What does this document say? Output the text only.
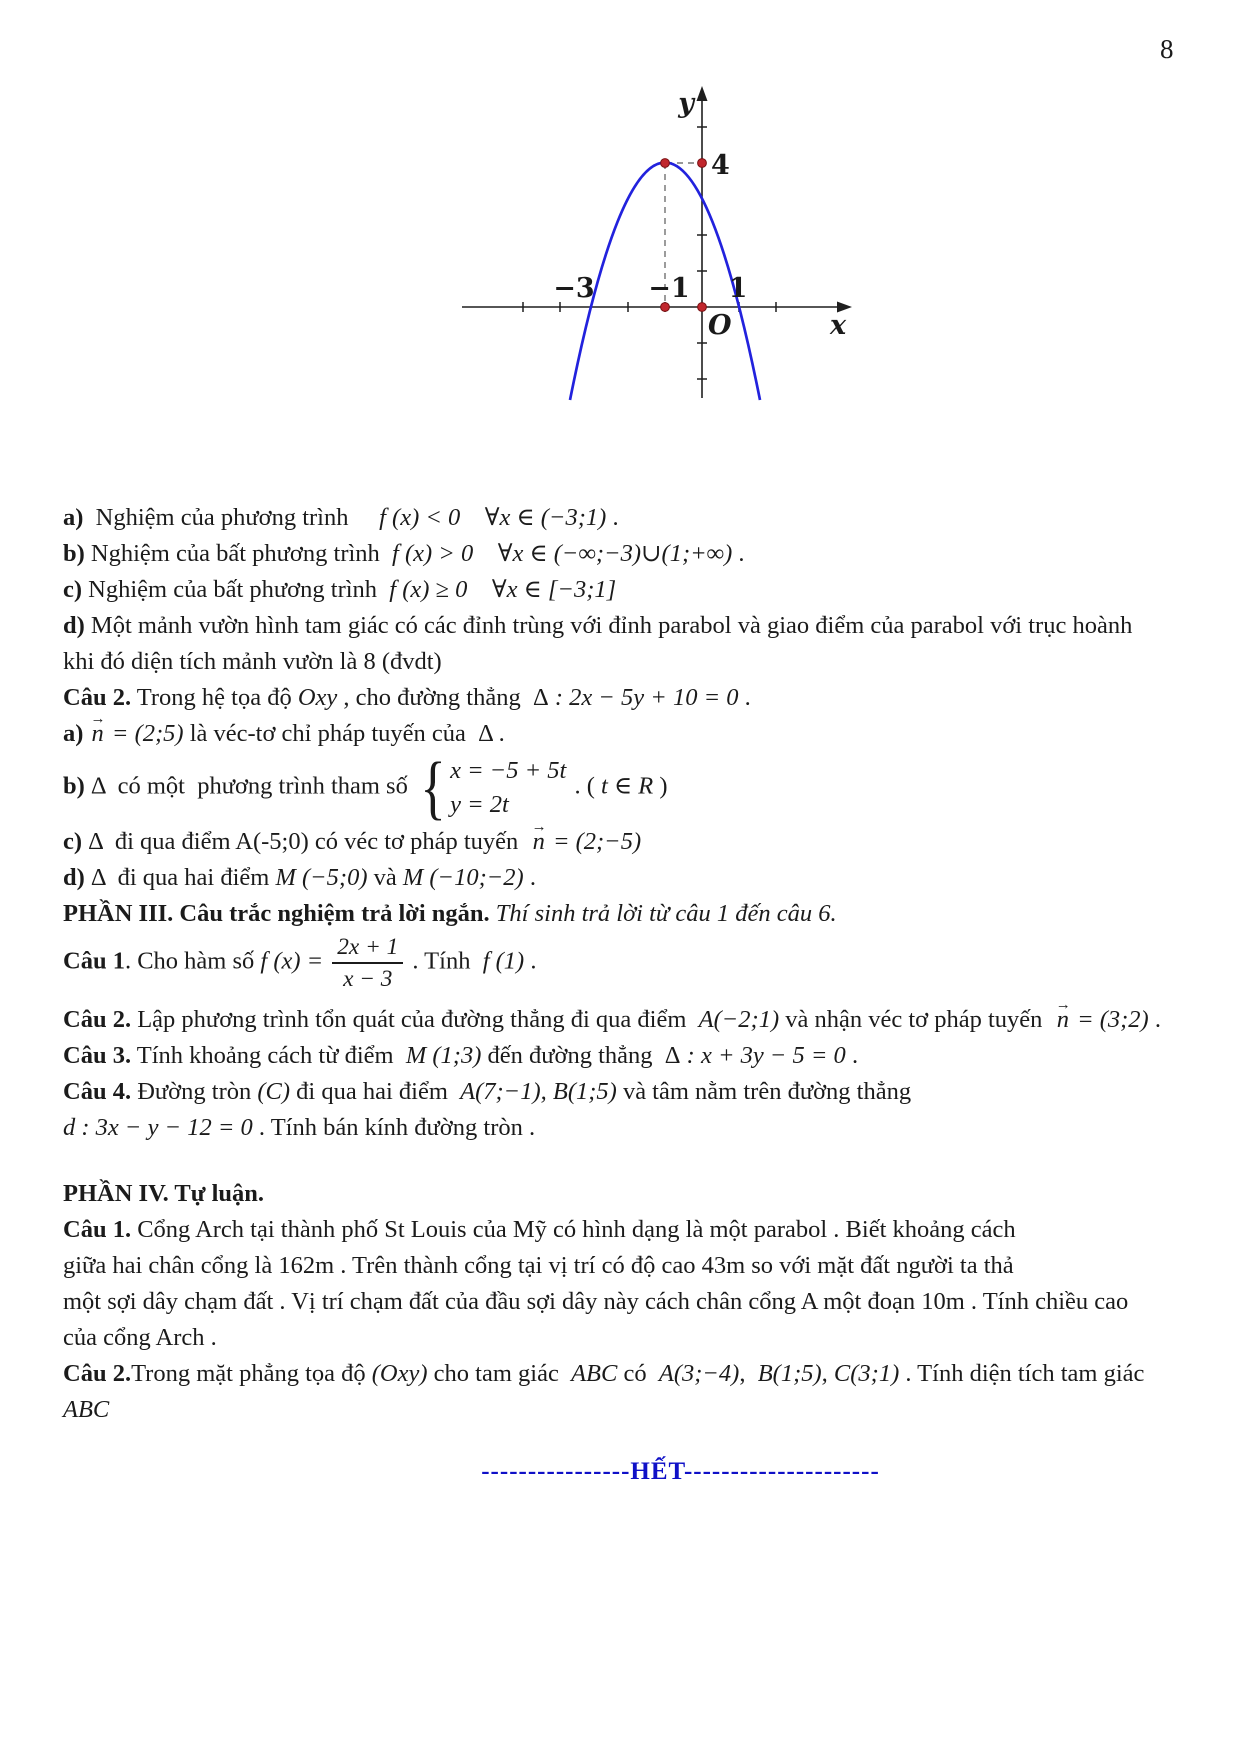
8
y
x
O
4
−3 −1 1
a)  Nghiệm của phương trình     f (x) < 0    ∀x ∈ (−3;1) .
b) Nghiệm của bất phương trình  f (x) > 0    ∀x ∈ (−∞;−3)∪(1;+∞) .
c) Nghiệm của bất phương trình  f (x) ≥ 0    ∀x ∈ [−3;1]
d) Một mảnh vườn hình tam giác có các đỉnh trùng với đỉnh parabol và giao điểm của parabol với trục hoành
khi đó diện tích mảnh vườn là 8 (đvdt)
Câu 2. Trong hệ tọa độ Oxy , cho đường thẳng  Δ : 2x − 5y + 10 = 0 .
a) → n = (2;5) là véc-tơ chỉ pháp tuyến của  Δ .
b) Δ  có một  phương trình tham số { x = −5 + 5t
y = 2t
. ( t ∈ R )
c) Δ  đi qua điểm A(-5;0) có véc tơ pháp tuyến  → n = (2;−5)
d) Δ  đi qua hai điểm M (−5;0) và M (−10;−2) .
PHẦN III. Câu trắc nghiệm trả lời ngắn. Thí sinh trả lời từ câu 1 đến câu 6.
Câu 1. Cho hàm số f $(x) = \frac{2x + 1}{x - 3}$ . Tính  f (1) .
Câu 2. Lập phương trình tổn quát của đường thẳng đi qua điểm  A(−2;1) và nhận véc tơ pháp tuyến  → n = (3;2) .
Câu 3. Tính khoảng cách từ điểm  M (1;3) đến đường thẳng  Δ : x + 3y − 5 = 0 .
Câu 4. Đường tròn (C) đi qua hai điểm  A(7;−1), B(1;5) và tâm nằm trên đường thẳng
d : 3x − y − 12 = 0 . Tính bán kính đường tròn .
PHẦN IV. Tự luận.
Câu 1. Cổng Arch tại thành phố St Louis của Mỹ có hình dạng là một parabol . Biết khoảng cách
giữa hai chân cổng là 162m . Trên thành cổng tại vị trí có độ cao 43m so với mặt đất người ta thả
một sợi dây chạm đất . Vị trí chạm đất của đầu sợi dây này cách chân cổng A một đoạn 10m . Tính chiều cao
của cổng Arch .
Câu 2.Trong mặt phẳng tọa độ (Oxy) cho tam giác  ABC có  A(3;−4),  B(1;5), C(3;1) . Tính diện tích tam giác
ABC
----------------HẾT---------------------
